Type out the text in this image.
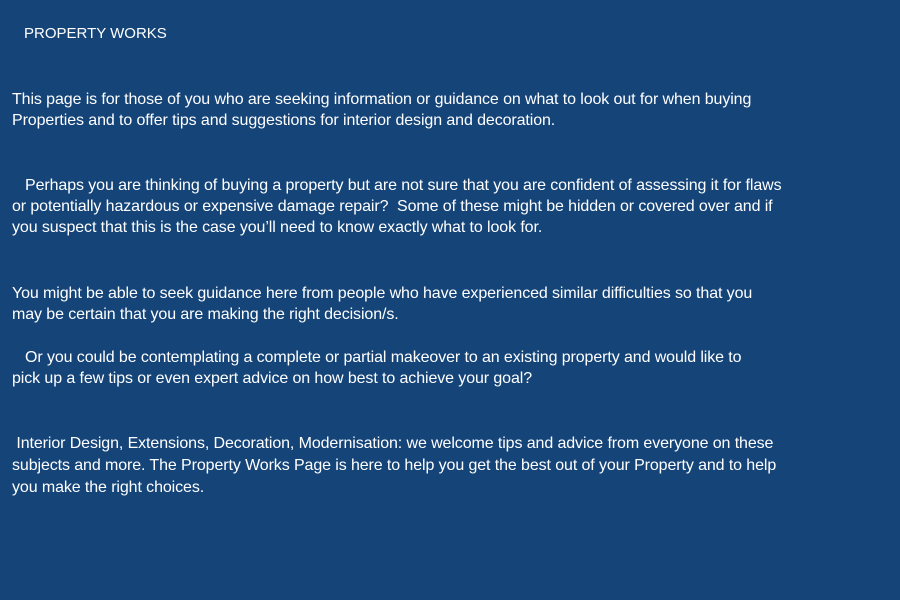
PROPERTY WORKS
This page is for those of you who are seeking information or guidance on what to look out for when buying
Properties and to offer tips and suggestions for interior design and decoration.
Perhaps you are thinking of buying a property but are not sure that you are confident of assessing it for flaws
or potentially hazardous or expensive damage repair?  Some of these might be hidden or covered over and if
you suspect that this is the case you’ll need to know exactly what to look for.
You might be able to seek guidance here from people who have experienced similar difficulties so that you
may be certain that you are making the right decision/s.
Or you could be contemplating a complete or partial makeover to an existing property and would like to
pick up a few tips or even expert advice on how best to achieve your goal?
Interior Design, Extensions, Decoration, Modernisation: we welcome tips and advice from everyone on these
subjects and more. The Property Works Page is here to help you get the best out of your Property and to help
you make the right choices.
